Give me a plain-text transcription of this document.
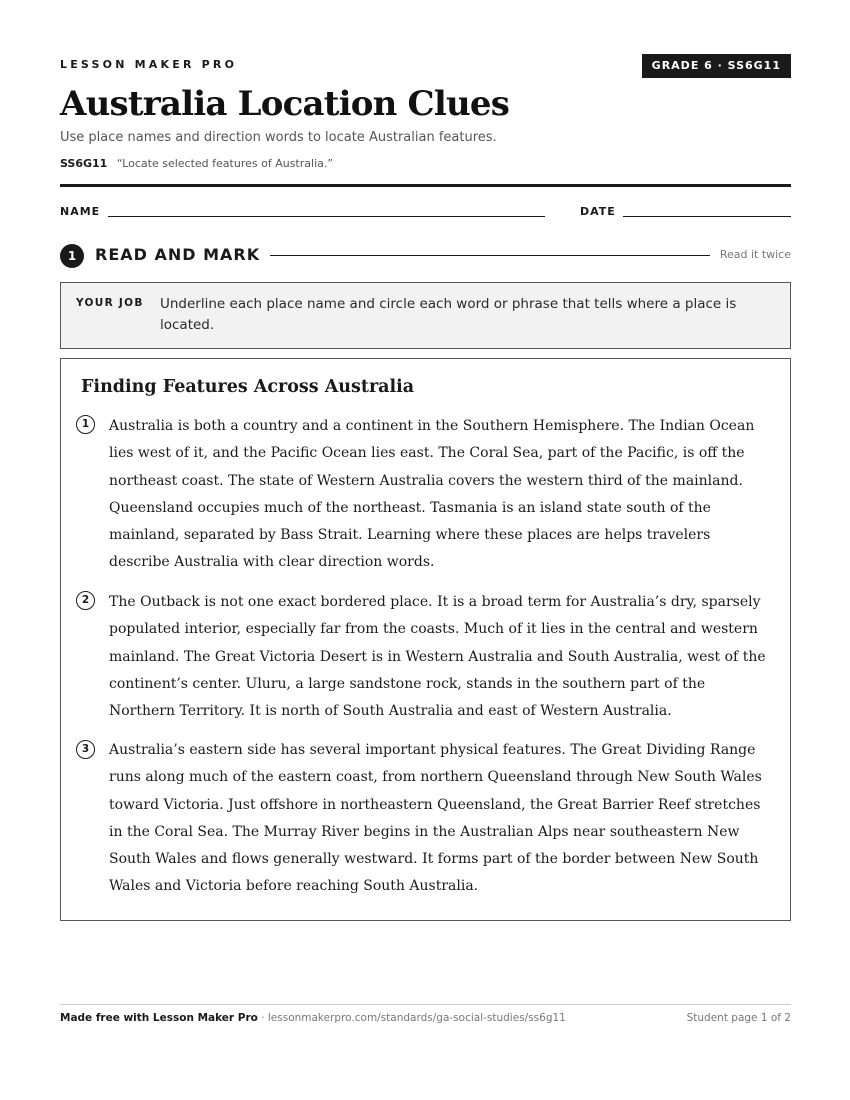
LESSON MAKER PRO	GRADE 6 · SS6G11
Australia Location Clues
Use place names and direction words to locate Australian features.
SS6G11 “Locate selected features of Australia.”
NAME	DATE
1	READ AND MARK	Read it twice
YOUR JOB Underline each place name and circle each word or phrase that tells where a place is located.
Finding Features Across Australia
1	Australia is both a country and a continent in the Southern Hemisphere. The Indian Ocean lies west of it, and the Pacific Ocean lies east. The Coral Sea, part of the Pacific, is off the northeast coast. The state of Western Australia covers the western third of the mainland. Queensland occupies much of the northeast. Tasmania is an island state south of the mainland, separated by Bass Strait. Learning where these places are helps travelers describe Australia with clear direction words.

2	The Outback is not one exact bordered place. It is a broad term for Australia’s dry, sparsely populated interior, especially far from the coasts. Much of it lies in the central and western mainland. The Great Victoria Desert is in Western Australia and South Australia, west of the continent’s center. Uluru, a large sandstone rock, stands in the southern part of the Northern Territory. It is north of South Australia and east of Western Australia.

3	Australia’s eastern side has several important physical features. The Great Dividing Range runs along much of the eastern coast, from northern Queensland through New South Wales toward Victoria. Just offshore in northeastern Queensland, the Great Barrier Reef stretches in the Coral Sea. The Murray River begins in the Australian Alps near southeastern New South Wales and flows generally westward. It forms part of the border between New South Wales and Victoria before reaching South Australia.

Made free with Lesson Maker Pro · lessonmakerpro.com/standards/ga-social-studies/ss6g11	Student page 1 of 2
